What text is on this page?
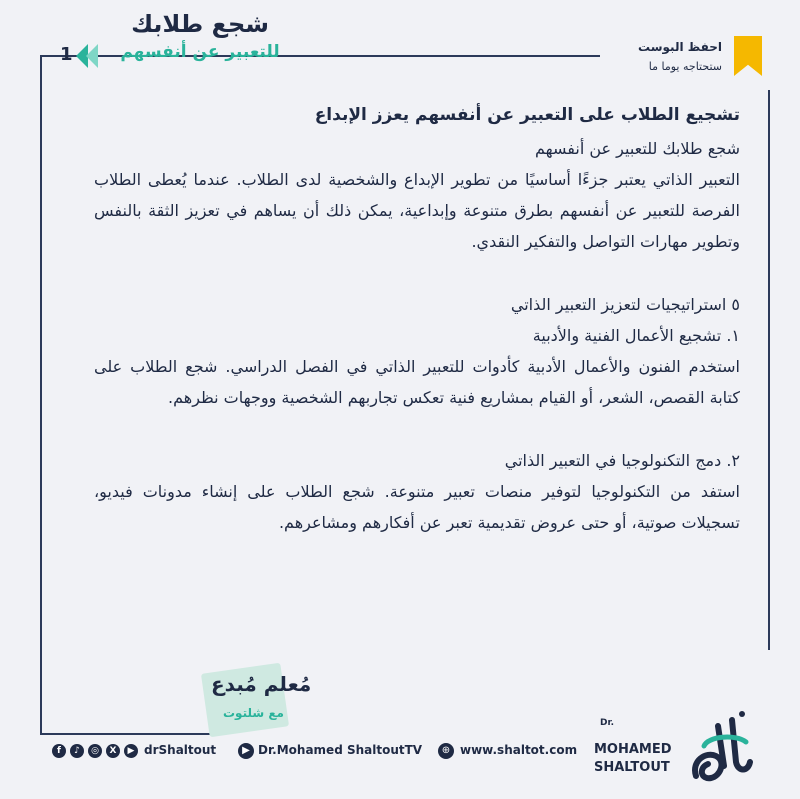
شجع طلابك
للتعبير عن أنفسهم
1	احفظ البوست
ستحتاجه يوما ما

تشجيع الطلاب على التعبير عن أنفسهم يعزز الإبداع

شجع طلابك للتعبير عن أنفسهم

التعبير الذاتي يعتبر جزءًا أساسيًا من تطوير الإبداع والشخصية لدى الطلاب. عندما يُعطى الطلاب الفرصة للتعبير عن أنفسهم بطرق متنوعة وإبداعية، يمكن ذلك أن يساهم في تعزيز الثقة بالنفس وتطوير مهارات التواصل والتفكير النقدي.

٥ استراتيجيات لتعزيز التعبير الذاتي

١. تشجيع الأعمال الفنية والأدبية

استخدم الفنون والأعمال الأدبية كأدوات للتعبير الذاتي في الفصل الدراسي. شجع الطلاب على كتابة القصص، الشعر، أو القيام بمشاريع فنية تعكس تجاربهم الشخصية ووجهات نظرهم.

٢. دمج التكنولوجيا في التعبير الذاتي

استفد من التكنولوجيا لتوفير منصات تعبير متنوعة. شجع الطلاب على إنشاء مدونات فيديو، تسجيلات صوتية، أو حتى عروض تقديمية تعبر عن أفكارهم ومشاعرهم.

مُعلم مُبدع
مع شلتوت
f	♪	◎	X	▶ drShaltout	▶ Dr.Mohamed ShaltoutTV	⊕ www.shaltot.com
Dr.
MOHAMED
SHALTOUT
